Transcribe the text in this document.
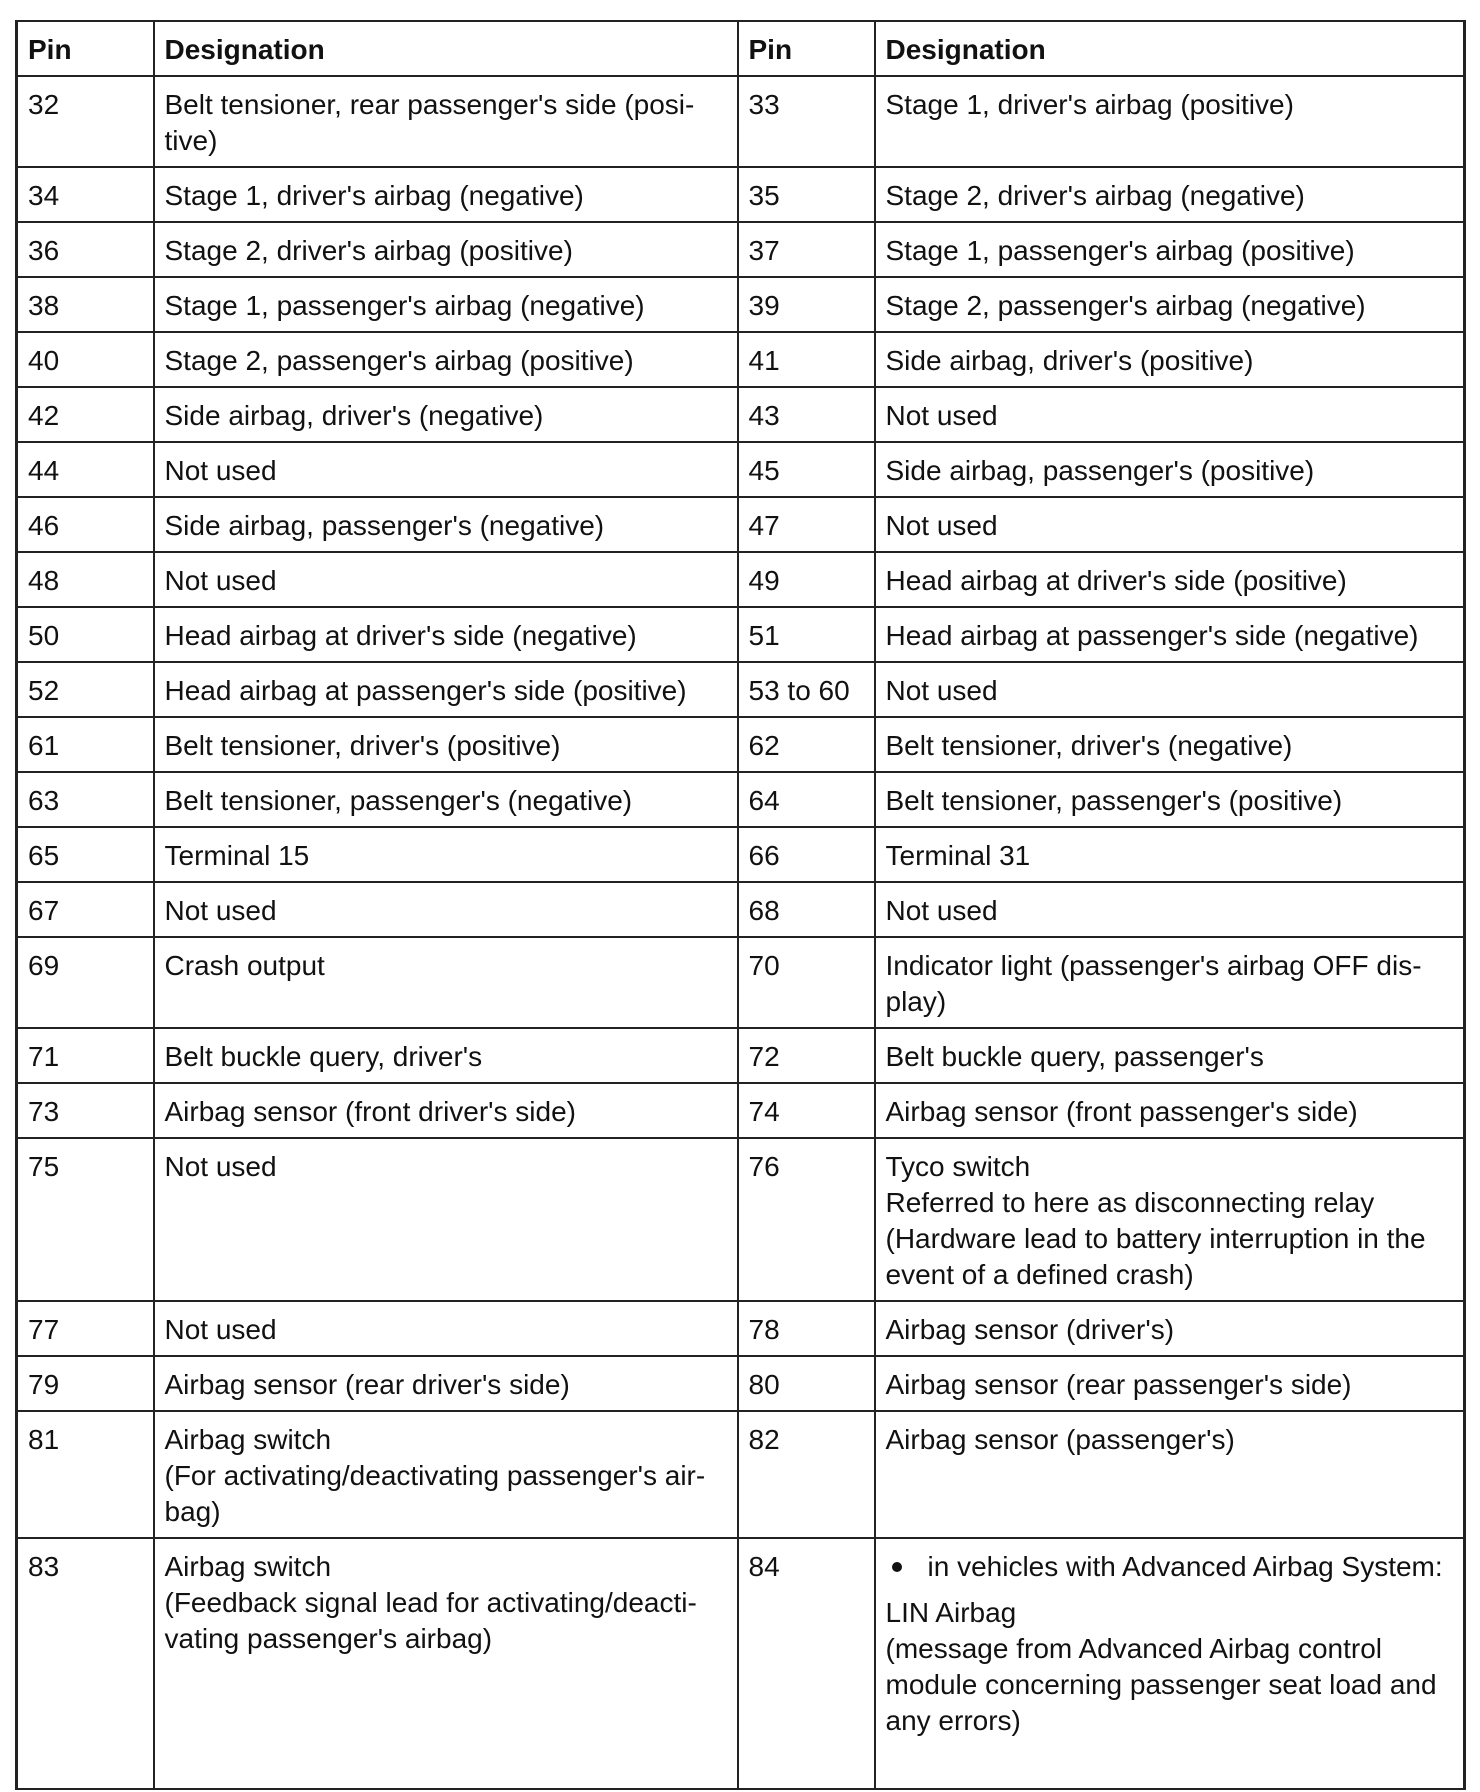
Pin	Designation	Pin	Designation
32	Belt tensioner, rear passenger's side (posi-
tive)	33	Stage 1, driver's airbag (positive)

34	Stage 1, driver's airbag (negative)	35	Stage 2, driver's airbag (negative)

36	Stage 2, driver's airbag (positive)	37	Stage 1, passenger's airbag (positive)

38	Stage 1, passenger's airbag (negative)	39	Stage 2, passenger's airbag (negative)

40	Stage 2, passenger's airbag (positive)	41	Side airbag, driver's (positive)

42	Side airbag, driver's (negative)	43	Not used

44	Not used	45	Side airbag, passenger's (positive)

46	Side airbag, passenger's (negative)	47	Not used

48	Not used	49	Head airbag at driver's side (positive)

50	Head airbag at driver's side (negative)	51	Head airbag at passenger's side (negative)

52	Head airbag at passenger's side (positive)	53 to 60	Not used

61	Belt tensioner, driver's (positive)	62	Belt tensioner, driver's (negative)

63	Belt tensioner, passenger's (negative)	64	Belt tensioner, passenger's (positive)

65	Terminal 15	66	Terminal 31

67	Not used	68	Not used

69	Crash output	70	Indicator light (passenger's airbag OFF dis-
play)

71	Belt buckle query, driver's	72	Belt buckle query, passenger's

73	Airbag sensor (front driver's side)	74	Airbag sensor (front passenger's side)

75	Not used	76	Tyco switch
Referred to here as disconnecting relay
(Hardware lead to battery interruption in the
event of a defined crash)

77	Not used	78	Airbag sensor (driver's)

79	Airbag sensor (rear driver's side)	80	Airbag sensor (rear passenger's side)

81	Airbag switch
(For activating/deactivating passenger's air-
bag)	82	Airbag sensor (passenger's)

83	Airbag switch
(Feedback signal lead for activating/deacti-
vating passenger's airbag)	84	in vehicles with Advanced Airbag System:
LIN Airbag
(message from Advanced Airbag control
module concerning passenger seat load and
any errors)
